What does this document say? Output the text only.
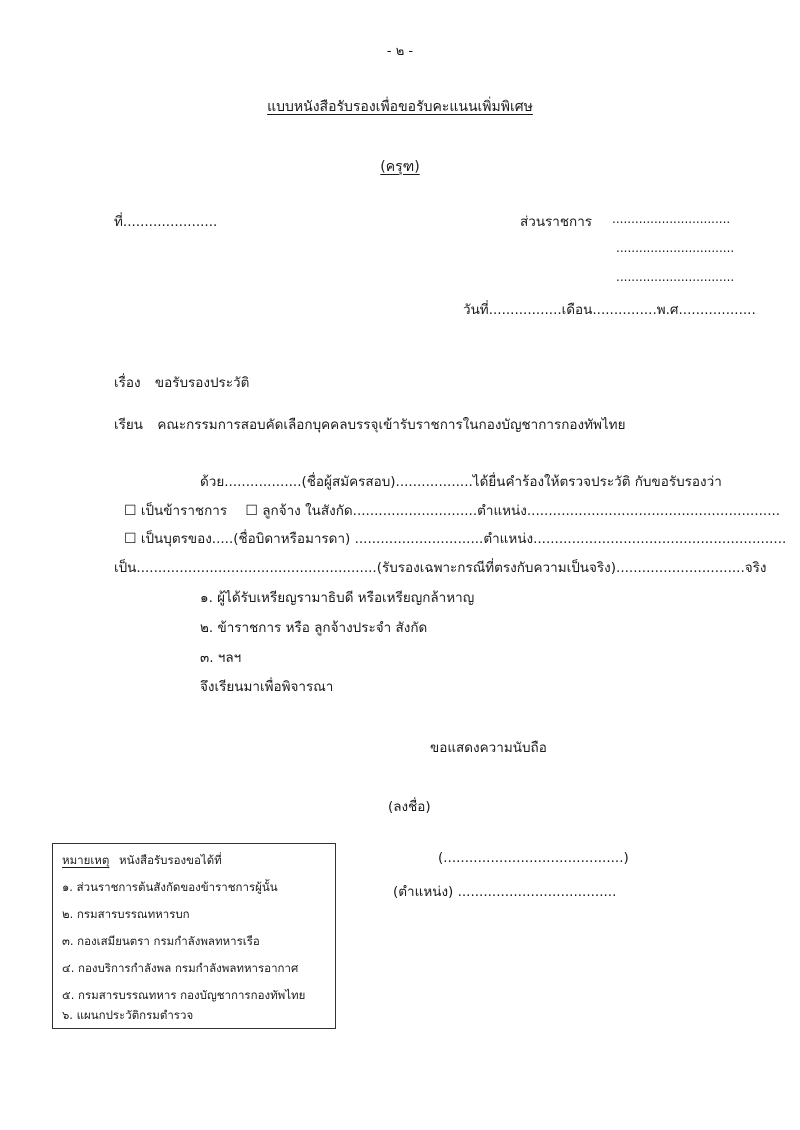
- ๒ -
แบบหนังสือรับรองเพื่อขอรับคะแนนเพิ่มพิเศษ
(ครุฑ)
ที่......................	ส่วนราชการ ...............................
...............................
...............................
วันที่.................เดือน...............พ.ศ..................
เรื่อง ขอรับรองประวัติ
เรียน คณะกรรมการสอบคัดเลือกบุคคลบรรจุเข้ารับราชการในกองบัญชาการกองทัพไทย
ด้วย..................(ชื่อผู้สมัครสอบ)..................ได้ยื่นคำร้องให้ตรวจประวัติ กับขอรับรองว่า
☐ เป็นข้าราชการ ☐ ลูกจ้าง ในสังกัด.............................ตำแหน่ง...........................................................
☐ เป็นบุตรของ.....(ชื่อบิดาหรือมารดา) ..............................ตำแหน่ง...........................................................
เป็น........................................................(รับรองเฉพาะกรณีที่ตรงกับความเป็นจริง)..............................จริง
๑. ผู้ได้รับเหรียญรามาธิบดี หรือเหรียญกล้าหาญ
๒. ข้าราชการ หรือ ลูกจ้างประจำ สังกัด
๓. ฯลฯ
จึงเรียนมาเพื่อพิจารณา
ขอแสดงความนับถือ
(ลงชื่อ)
(..........................................)
(ตำแหน่ง) .....................................
หมายเหตุ หนังสือรับรองขอได้ที่
๑. ส่วนราชการต้นสังกัดของข้าราชการผู้นั้น
๒. กรมสารบรรณทหารบก
๓. กองเสมียนตรา กรมกำลังพลทหารเรือ
๔. กองบริการกำลังพล กรมกำลังพลทหารอากาศ
๕. กรมสารบรรณทหาร กองบัญชาการกองทัพไทย
๖. แผนกประวัติกรมตำรวจ
